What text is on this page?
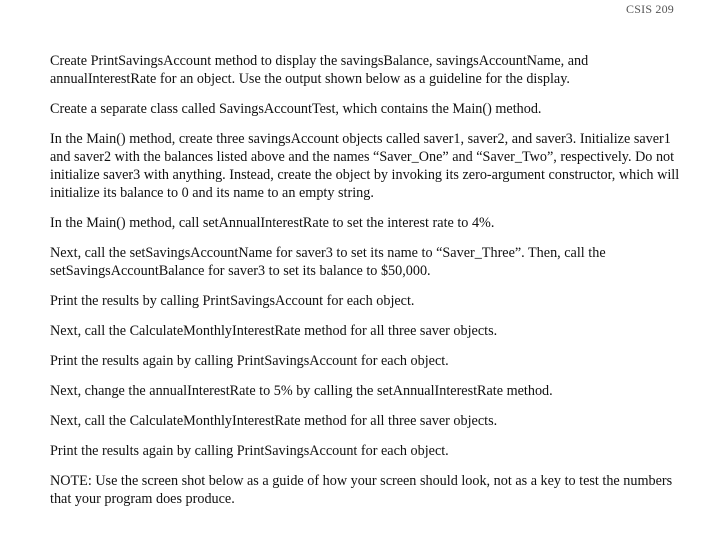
CSIS 209

Create PrintSavingsAccount method to display the savingsBalance, savingsAccountName, and annualInterestRate for an object. Use the output shown below as a guideline for the display.

Create a separate class called SavingsAccountTest, which contains the Main() method.

In the Main() method, create three savingsAccount objects called saver1, saver2, and saver3. Initialize saver1 and saver2 with the balances listed above and the names “Saver_One” and “Saver_Two”, respectively. Do not initialize saver3 with anything. Instead, create the object by invoking its zero-argument constructor, which will initialize its balance to 0 and its name to an empty string.

In the Main() method, call setAnnualInterestRate to set the interest rate to 4%.

Next, call the setSavingsAccountName for saver3 to set its name to “Saver_Three”. Then, call the setSavingsAccountBalance for saver3 to set its balance to $50,000.

Print the results by calling PrintSavingsAccount for each object.

Next, call the CalculateMonthlyInterestRate method for all three saver objects.

Print the results again by calling PrintSavingsAccount for each object.

Next, change the annualInterestRate to 5% by calling the setAnnualInterestRate method.

Next, call the CalculateMonthlyInterestRate method for all three saver objects.

Print the results again by calling PrintSavingsAccount for each object.

NOTE: Use the screen shot below as a guide of how your screen should look, not as a key to test the numbers that your program does produce.
